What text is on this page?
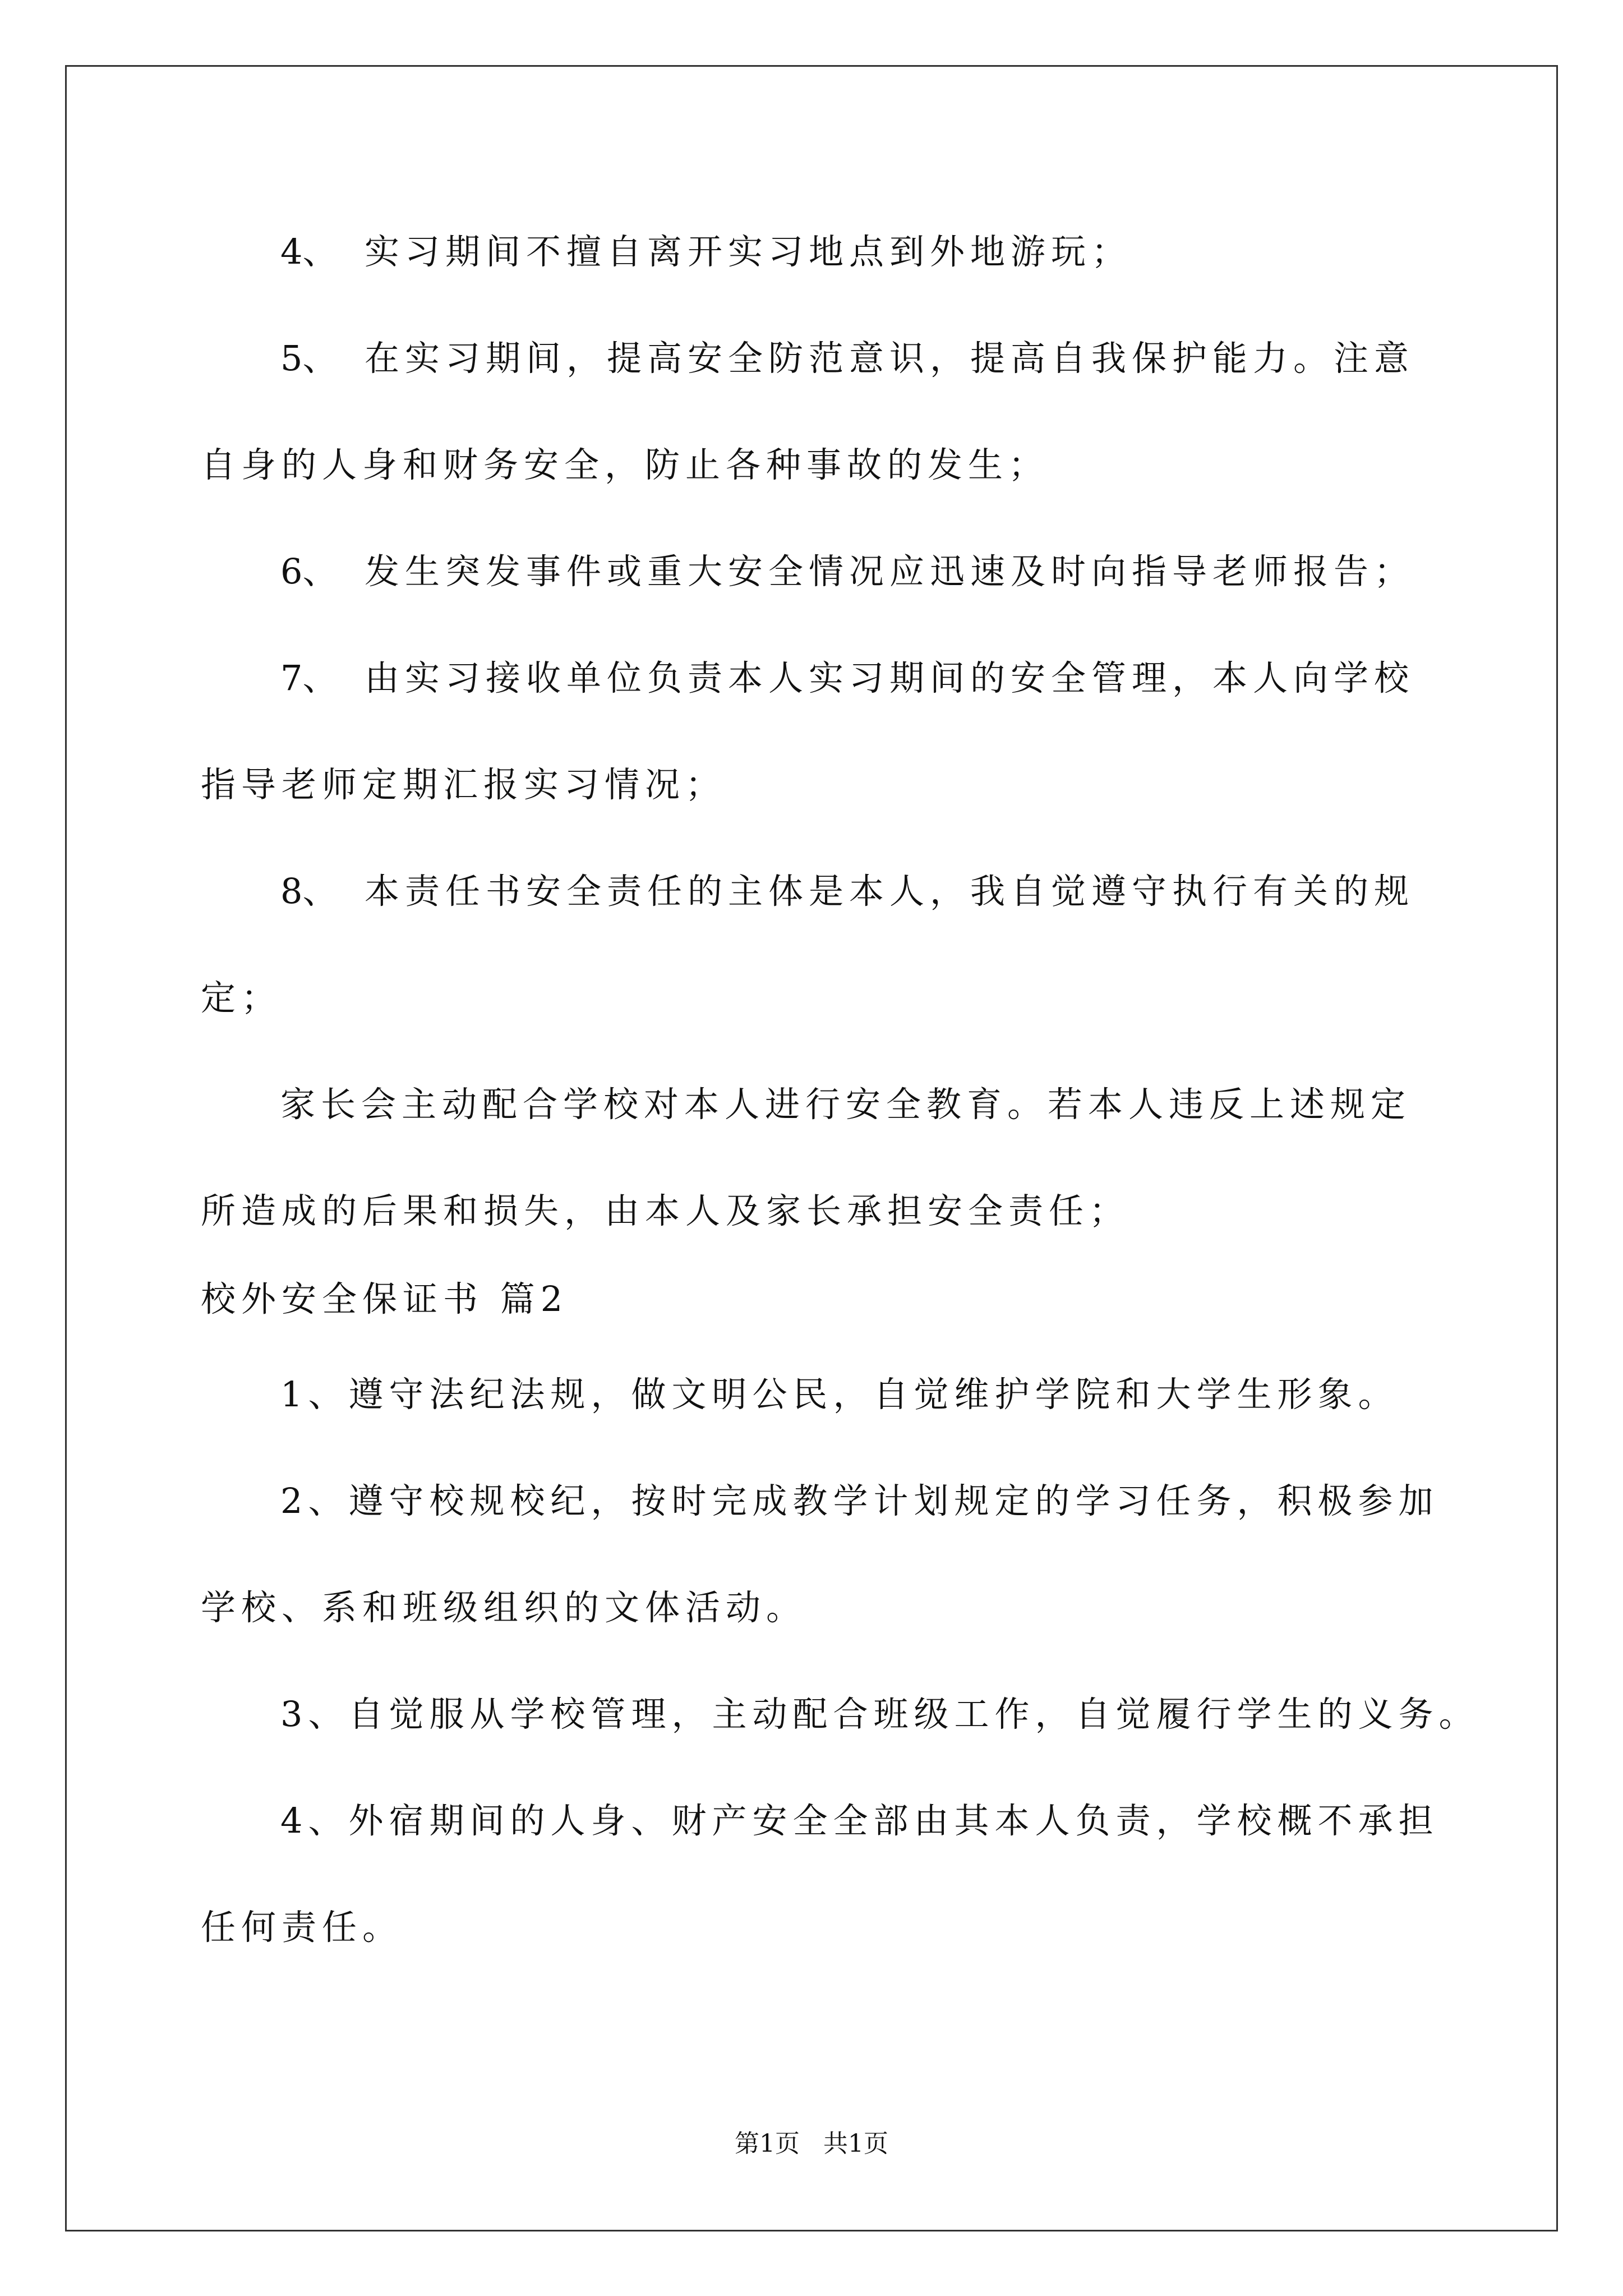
4、 实习期间不擅自离开实习地点到外地游玩；
5、 在实习期间，提高安全防范意识，提高自我保护能力。注意
自身的人身和财务安全，防止各种事故的发生；
6、 发生突发事件或重大安全情况应迅速及时向指导老师报告；
7、 由实习接收单位负责本人实习期间的安全管理，本人向学校
指导老师定期汇报实习情况；
8、 本责任书安全责任的主体是本人，我自觉遵守执行有关的规
定；
家长会主动配合学校对本人进行安全教育。若本人违反上述规定
所造成的后果和损失，由本人及家长承担安全责任；
校外安全保证书 篇2
1、遵守法纪法规，做文明公民，自觉维护学院和大学生形象。
2、遵守校规校纪，按时完成教学计划规定的学习任务，积极参加
学校、系和班级组织的文体活动。
3、自觉服从学校管理，主动配合班级工作，自觉履行学生的义务。
4、外宿期间的人身、财产安全全部由其本人负责，学校概不承担
任何责任。
第1页   共1页
